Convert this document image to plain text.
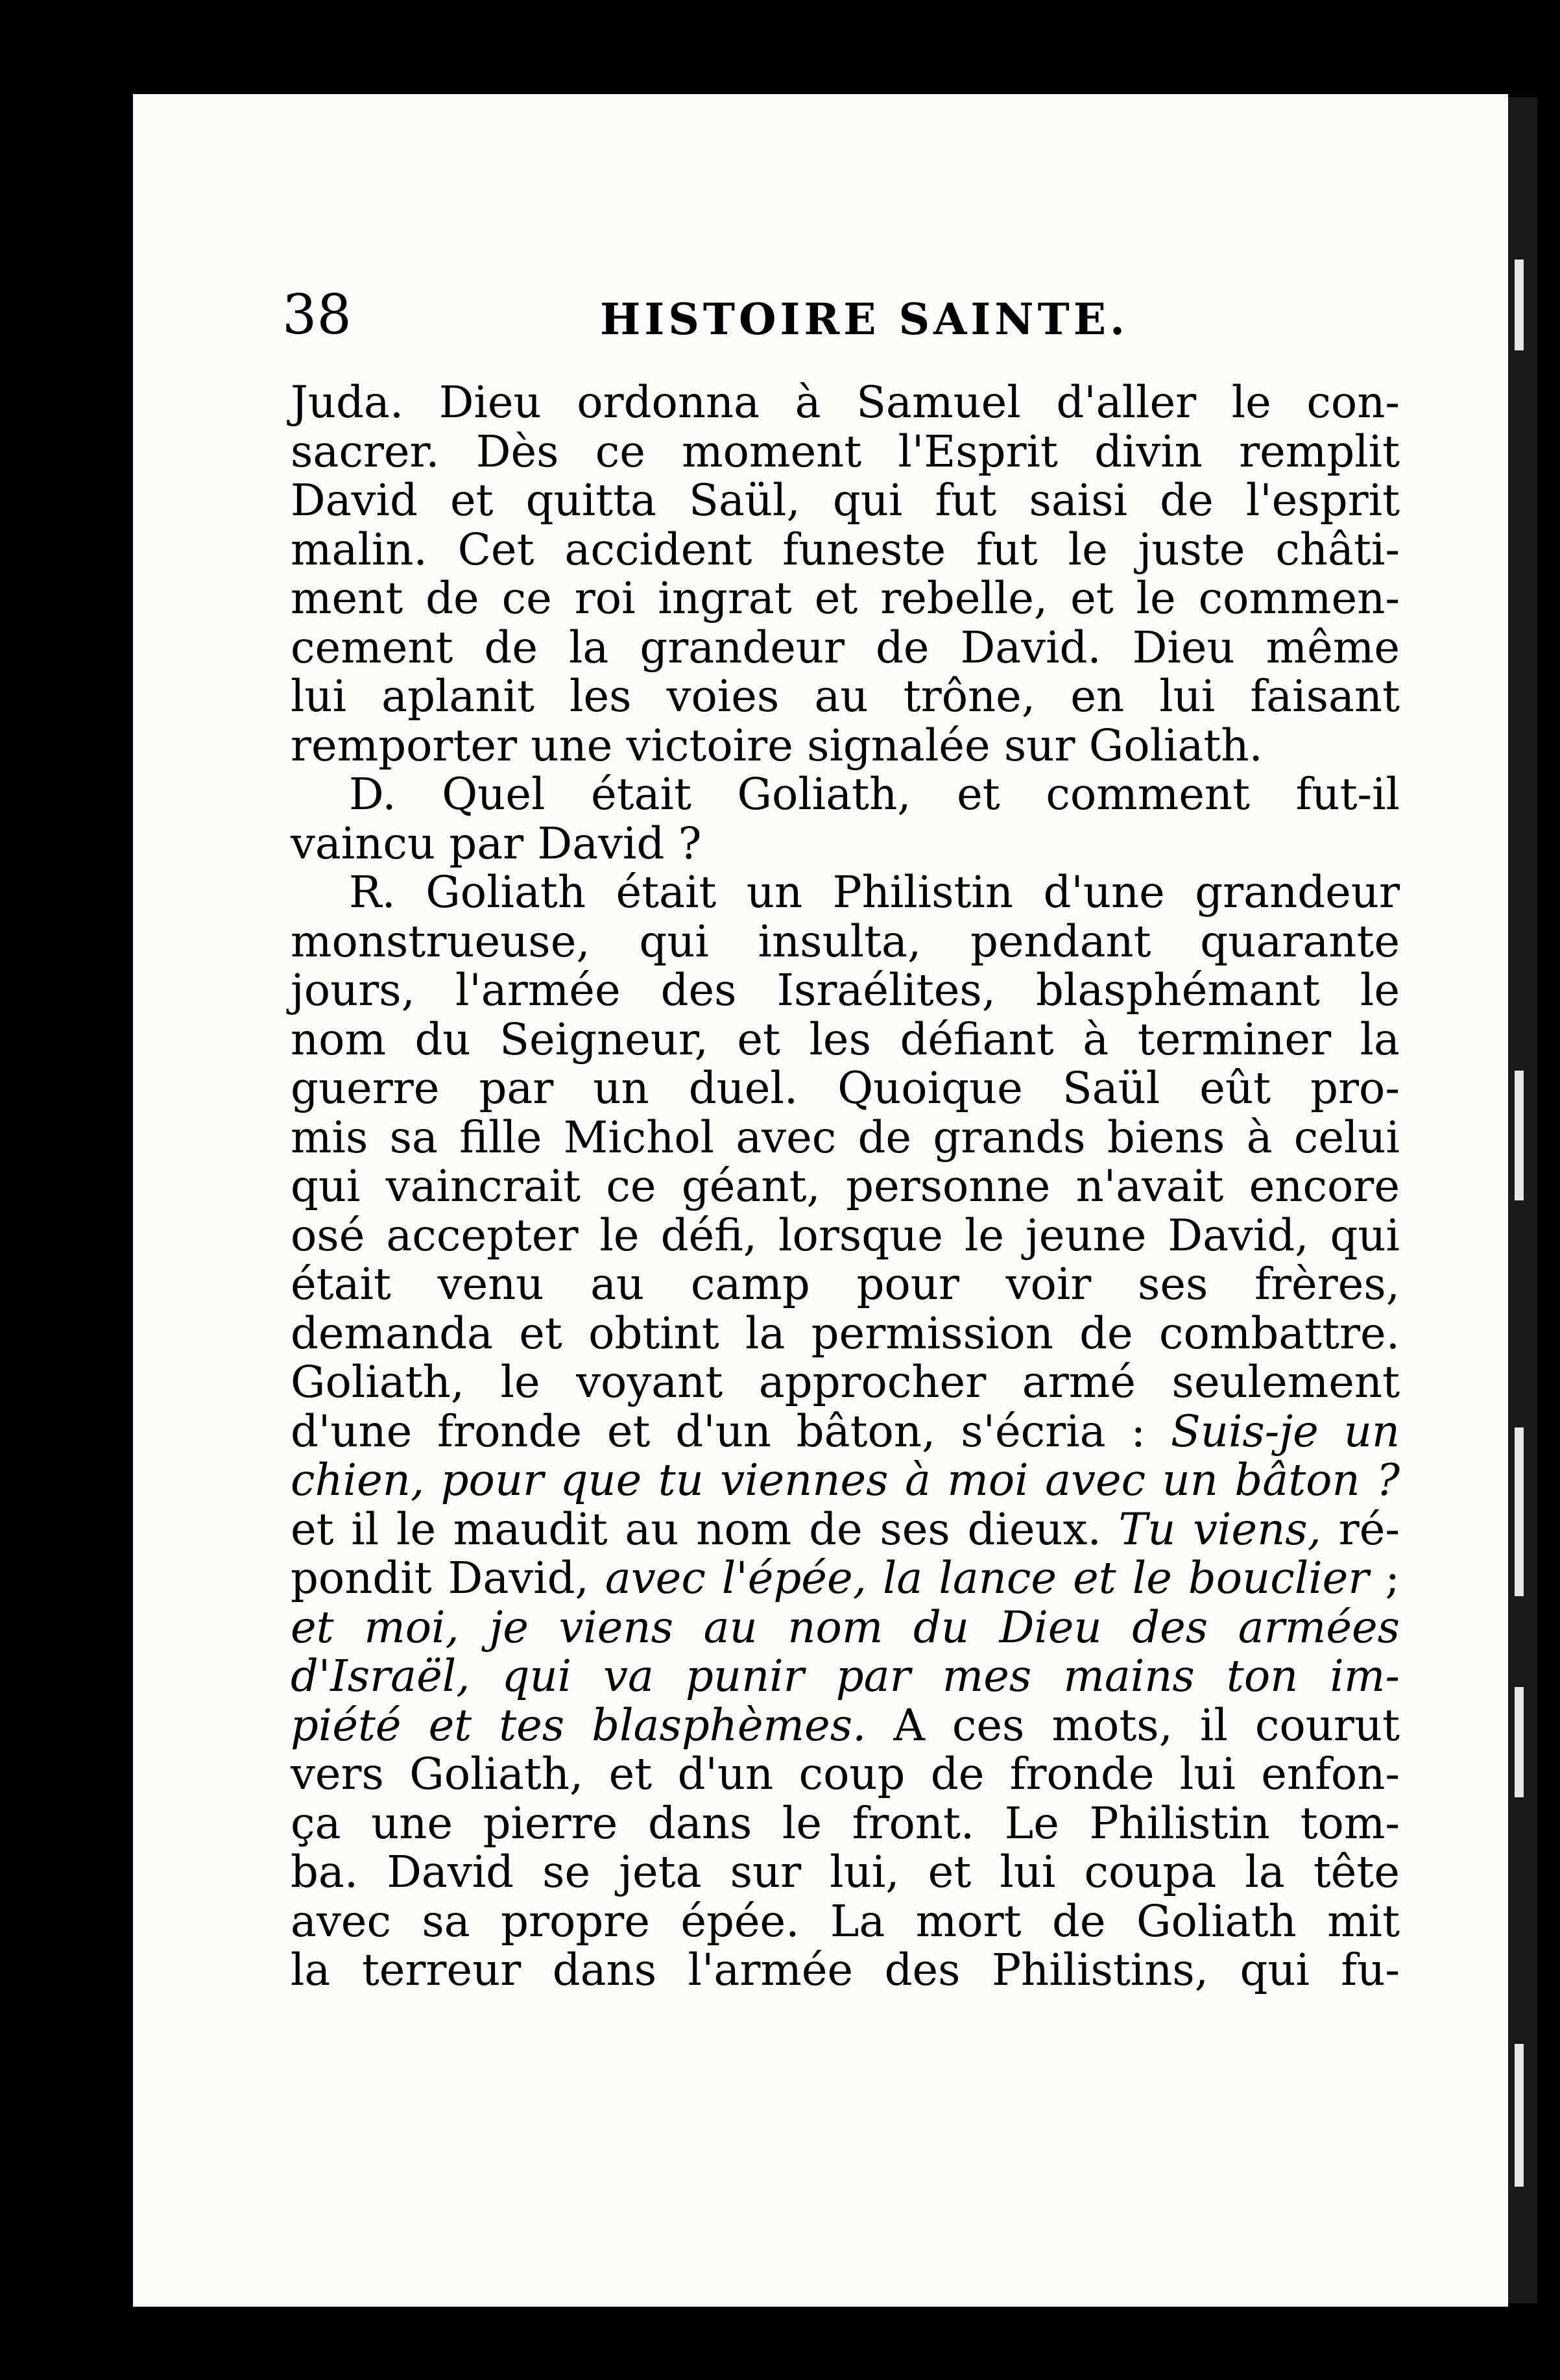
38	HISTOIRE SAINTE.
Juda. Dieu ordonna à Samuel d'aller le con-
sacrer. Dès ce moment l'Esprit divin remplit
David et quitta Saül, qui fut saisi de l'esprit
malin. Cet accident funeste fut le juste châti-
ment de ce roi ingrat et rebelle, et le commen-
cement de la grandeur de David. Dieu même
lui aplanit les voies au trône, en lui faisant
remporter une victoire signalée sur Goliath.
D. Quel était Goliath, et comment fut-il
vaincu par David ?
R. Goliath était un Philistin d'une grandeur
monstrueuse, qui insulta, pendant quarante
jours, l'armée des Israélites, blasphémant le
nom du Seigneur, et les défiant à terminer la
guerre par un duel. Quoique Saül eût pro-
mis sa fille Michol avec de grands biens à celui
qui vaincrait ce géant, personne n'avait encore
osé accepter le défi, lorsque le jeune David, qui
était venu au camp pour voir ses frères,
demanda et obtint la permission de combattre.
Goliath, le voyant approcher armé seulement
d'une fronde et d'un bâton, s'écria : Suis-je un
chien, pour que tu viennes à moi avec un bâton ?
et il le maudit au nom de ses dieux. Tu viens, ré-
pondit David, avec l'épée, la lance et le bouclier ;
et moi, je viens au nom du Dieu des armées
d'Israël, qui va punir par mes mains ton im-
piété et tes blasphèmes. A ces mots, il courut
vers Goliath, et d'un coup de fronde lui enfon-
ça une pierre dans le front. Le Philistin tom-
ba. David se jeta sur lui, et lui coupa la tête
avec sa propre épée. La mort de Goliath mit
la terreur dans l'armée des Philistins, qui fu-
